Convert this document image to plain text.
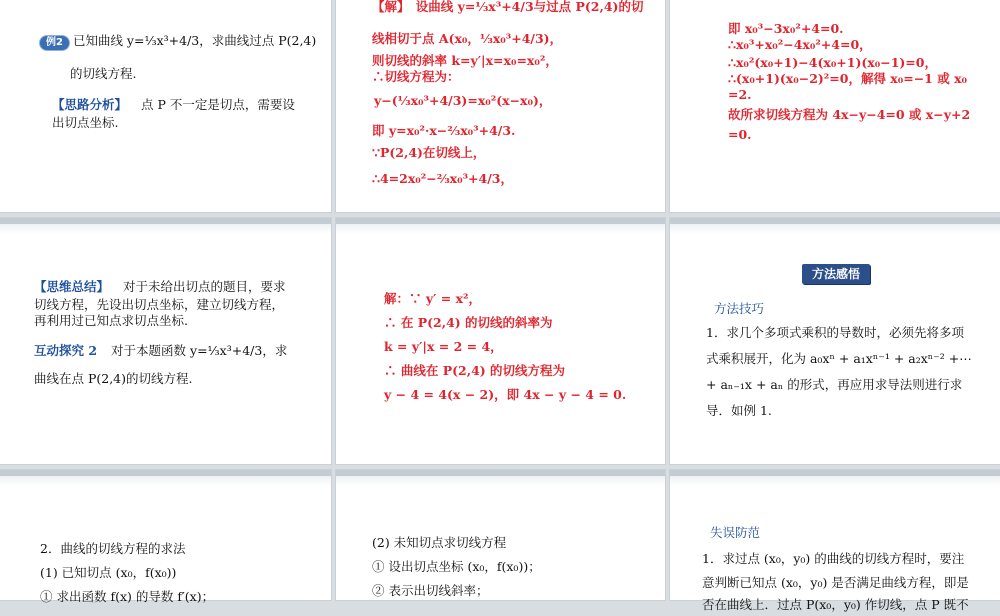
例2 已知曲线 y=⅓x³+4/3，求曲线过点 P(2,4)
的切线方程.
【思路分析】 点 P 不一定是切点，需要设
出切点坐标.
【解】　设曲线 y=⅓x³+4/3与过点 P(2,4)的切
线相切于点 A(x₀，⅓x₀³+4/3)，
则切线的斜率 k=y′|x=x₀=x₀²，
∴切线方程为：
y−(⅓x₀³+4/3)=x₀²(x−x₀)，
即 y=x₀²·x−⅔x₀³+4/3.
∵P(2,4)在切线上，
∴4=2x₀²−⅔x₀³+4/3，
即 x₀³−3x₀²+4=0.
∴x₀³+x₀²−4x₀²+4=0，
∴x₀²(x₀+1)−4(x₀+1)(x₀−1)=0，
∴(x₀+1)(x₀−2)²=0，解得 x₀=−1 或 x₀
=2.
故所求切线方程为 4x−y−4=0 或 x−y+2
=0.
【思维总结】 对于未给出切点的题目，要求
切线方程，先设出切点坐标，建立切线方程，
再利用过已知点求切点坐标.
互动探究 2 对于本题函数 y=⅓x³+4/3，求
曲线在点 P(2,4)的切线方程.
解：∵ y′ = x²，
∴ 在 P(2,4) 的切线的斜率为
k = y′|x = 2 = 4，
∴ 曲线在 P(2,4) 的切线方程为
y − 4 = 4(x − 2)，即 4x − y − 4 = 0.
方法感悟
方法技巧
1．求几个多项式乘积的导数时，必须先将多项
式乘积展开，化为 a₀xⁿ + a₁xⁿ⁻¹ + a₂xⁿ⁻² +⋯
+ aₙ₋₁x + aₙ 的形式，再应用求导法则进行求
导．如例 1.
2．曲线的切线方程的求法
(1) 已知切点 (x₀，f(x₀))
① 求出函数 f(x) 的导数 f′(x)；
(2) 未知切点求切线方程
① 设出切点坐标 (x₀，f(x₀))；
② 表示出切线斜率；
失误防范
1．求过点 (x₀，y₀) 的曲线的切线方程时，要注
意判断已知点 (x₀，y₀) 是否满足曲线方程，即是
否在曲线上．过点 P(x₀，y₀) 作切线，点 P 既不
